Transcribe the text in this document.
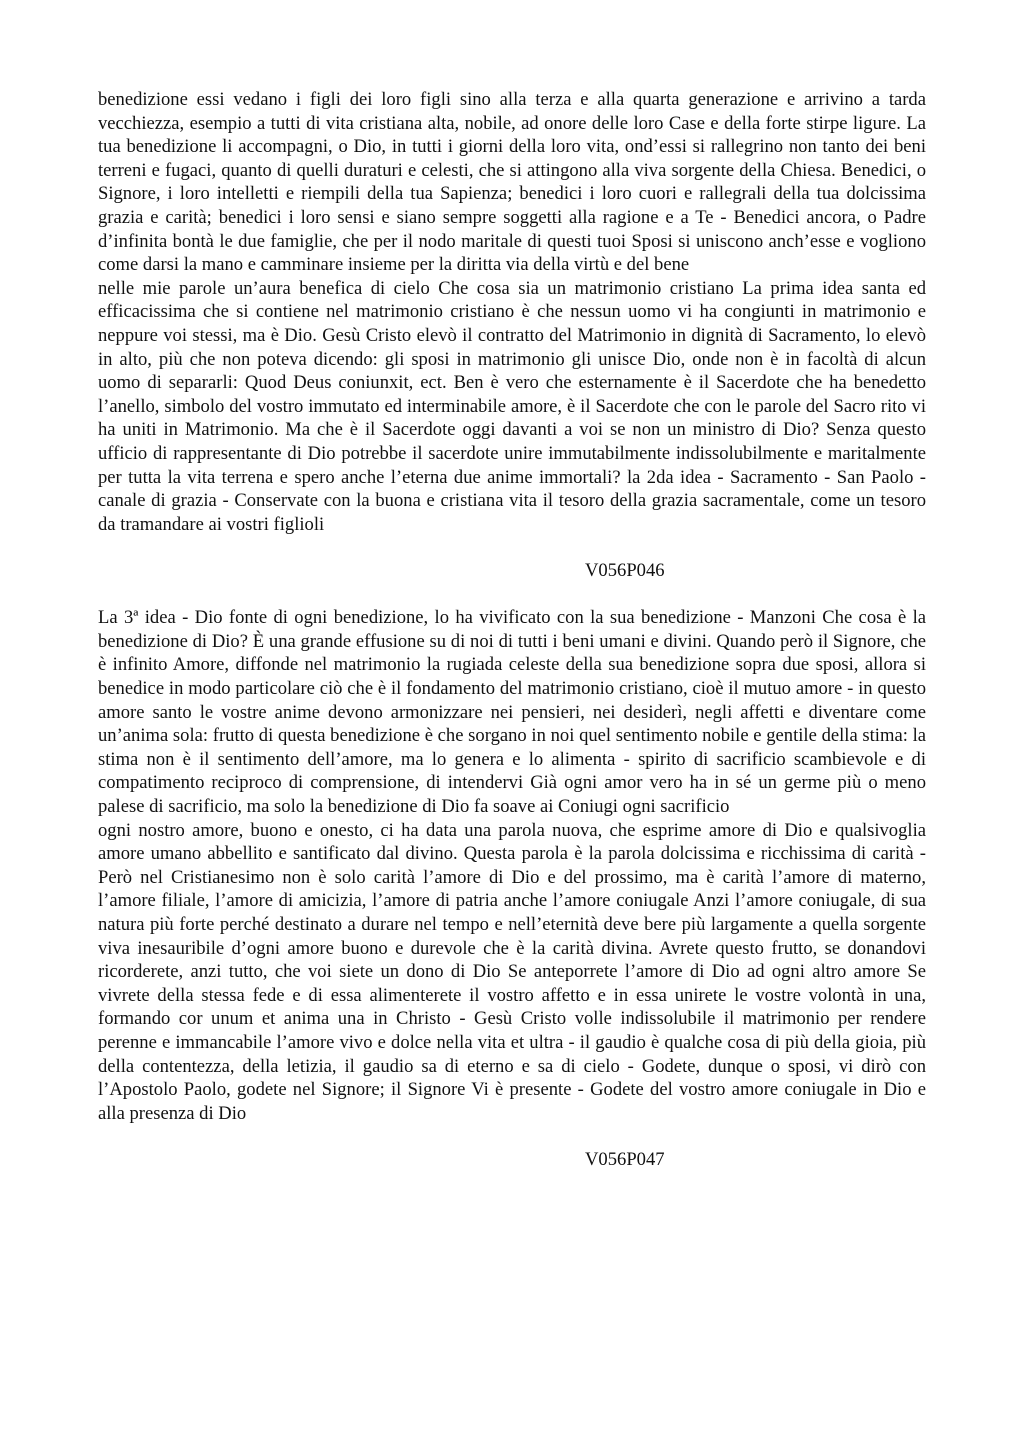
benedizione essi vedano i figli dei loro figli sino alla terza e alla quarta generazione e arrivino a tarda vecchiezza, esempio a tutti di vita cristiana alta, nobile, ad onore delle loro Case e della forte stirpe ligure. La tua benedizione li accompagni, o Dio, in tutti i giorni della loro vita, ond’essi si rallegrino non tanto dei beni terreni e fugaci, quanto di quelli duraturi e celesti, che si attingono alla viva sorgente della Chiesa. Benedici, o Signore, i loro intelletti e riempili della tua Sapienza; benedici i loro cuori e rallegrali della tua dolcissima grazia e carità; benedici i loro sensi e siano sempre soggetti alla ragione e a Te - Benedici ancora, o Padre d’infinita bontà le due famiglie, che per il nodo maritale di questi tuoi Sposi si uniscono anch’esse e vogliono come darsi la mano e camminare insieme per la diritta via della virtù e del bene

nelle mie parole un’aura benefica di cielo Che cosa sia un matrimonio cristiano La prima idea santa ed efficacissima che si contiene nel matrimonio cristiano è che nessun uomo vi ha congiunti in matrimonio e neppure voi stessi, ma è Dio. Gesù Cristo elevò il contratto del Matrimonio in dignità di Sacramento, lo elevò in alto, più che non poteva dicendo: gli sposi in matrimonio gli unisce Dio, onde non è in facoltà di alcun uomo di separarli: Quod Deus coniunxit, ect. Ben è vero che esternamente è il Sacerdote che ha benedetto l’anello, simbolo del vostro immutato ed interminabile amore, è il Sacerdote che con le parole del Sacro rito vi ha uniti in Matrimonio. Ma che è il Sacerdote oggi davanti a voi se non un ministro di Dio? Senza questo ufficio di rappresentante di Dio potrebbe il sacerdote unire immutabilmente indissolubilmente e maritalmente per tutta la vita terrena e spero anche l’eterna due anime immortali? la 2da idea - Sacramento - San Paolo - canale di grazia - Conservate con la buona e cristiana vita il tesoro della grazia sacramentale, come un tesoro da tramandare ai vostri figlioli

V056P046

La 3ª idea - Dio fonte di ogni benedizione, lo ha vivificato con la sua benedizione - Manzoni Che cosa è la benedizione di Dio? È una grande effusione su di noi di tutti i beni umani e divini. Quando però il Signore, che è infinito Amore, diffonde nel matrimonio la rugiada celeste della sua benedizione sopra due sposi, allora si benedice in modo particolare ciò che è il fondamento del matrimonio cristiano, cioè il mutuo amore - in questo amore santo le vostre anime devono armonizzare nei pensieri, nei desiderì, negli affetti e diventare come un’anima sola: frutto di questa benedizione è che sorgano in noi quel sentimento nobile e gentile della stima: la stima non è il sentimento dell’amore, ma lo genera e lo alimenta - spirito di sacrificio scambievole e di compatimento reciproco di comprensione, di intendervi Già ogni amor vero ha in sé un germe più o meno palese di sacrificio, ma solo la benedizione di Dio fa soave ai Coniugi ogni sacrificio

ogni nostro amore, buono e onesto, ci ha data una parola nuova, che esprime amore di Dio e qualsivoglia amore umano abbellito e santificato dal divino. Questa parola è la parola dolcissima e ricchissima di carità - Però nel Cristianesimo non è solo carità l’amore di Dio e del prossimo, ma è carità l’amore di materno, l’amore filiale, l’amore di amicizia, l’amore di patria anche l’amore coniugale Anzi l’amore coniugale, di sua natura più forte perché destinato a durare nel tempo e nell’eternità deve bere più largamente a quella sorgente viva inesauribile d’ogni amore buono e durevole che è la carità divina. Avrete questo frutto, se donandovi ricorderete, anzi tutto, che voi siete un dono di Dio Se anteporrete l’amore di Dio ad ogni altro amore Se vivrete della stessa fede e di essa alimenterete il vostro affetto e in essa unirete le vostre volontà in una, formando cor unum et anima una in Christo - Gesù Cristo volle indissolubile il matrimonio per rendere perenne e immancabile l’amore vivo e dolce nella vita et ultra - il gaudio è qualche cosa di più della gioia, più della contentezza, della letizia, il gaudio sa di eterno e sa di cielo - Godete, dunque o sposi, vi dirò con l’Apostolo Paolo, godete nel Signore; il Signore Vi è presente - Godete del vostro amore coniugale in Dio e alla presenza di Dio

V056P047
